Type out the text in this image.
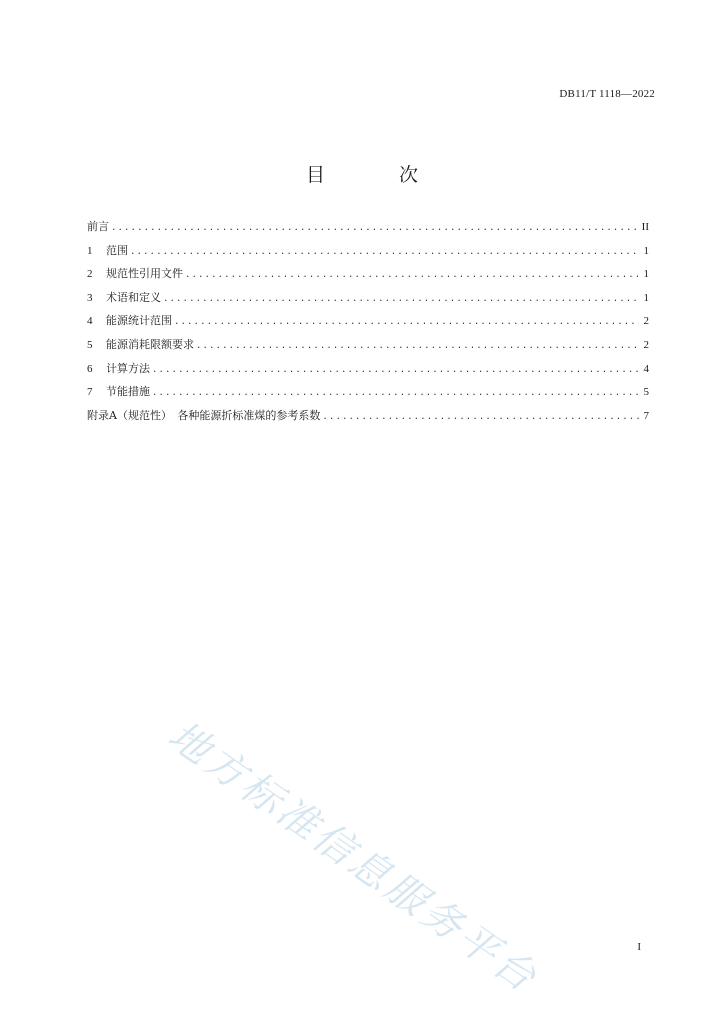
DB11/T 1118—2022
目 次
前言 .....	II
1	范围 .....	1
2	规范性引用文件 .....	1
3	术语和定义 .....	1
4	能源统计范围 .....	2
5	能源消耗限额要求 .....	2
6	计算方法 .....	4
7	节能措施 .....	5
附录A（规范性） 各种能源折标准煤的参考系数 .....	7
地方标准信息服务平台	I
